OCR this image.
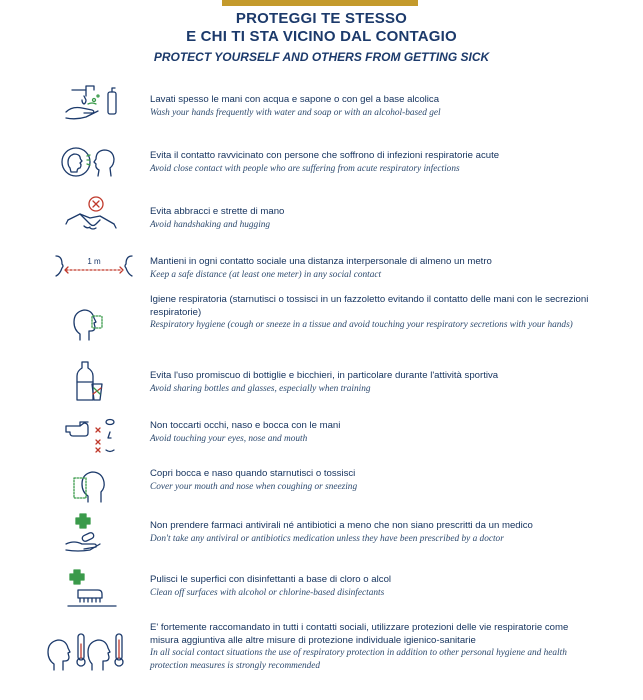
PROTEGGI TE STESSO
E CHI TI STA VICINO DAL CONTAGIO
PROTECT YOURSELF AND OTHERS FROM GETTING SICK
Lavati spesso le mani con acqua e sapone o con gel a base alcolica
Wash your hands frequently with water and soap or with an alcohol-based gel
Evita il contatto ravvicinato con persone che soffrono di infezioni respiratorie acute
Avoid close contact with people who are suffering from acute respiratory infections
Evita abbracci e strette di mano
Avoid handshaking and hugging
1 m	Mantieni in ogni contatto sociale una distanza interpersonale di almeno un metro
Keep a safe distance (at least one meter) in any social contact
Igiene respiratoria (starnutisci o tossisci in un fazzoletto evitando il contatto delle mani con le secrezioni respiratorie)
Respiratory hygiene (cough or sneeze in a tissue and avoid touching your respiratory secretions with your hands)
Evita l'uso promiscuo di bottiglie e bicchieri, in particolare durante l'attività sportiva
Avoid sharing bottles and glasses, especially when training
Non toccarti occhi, naso e bocca con le mani
Avoid touching your eyes, nose and mouth
Copri bocca e naso quando starnutisci o tossisci
Cover your mouth and nose when coughing or sneezing
Non prendere farmaci antivirali né antibiotici a meno che non siano prescritti da un medico
Don't take any antiviral or antibiotics medication unless they have been prescribed by a doctor
Pulisci le superfici con disinfettanti a base di cloro o alcol
Clean off surfaces with alcohol or chlorine-based disinfectants
E' fortemente raccomandato in tutti i contatti sociali, utilizzare protezioni delle vie respiratorie come misura aggiuntiva alle altre misure di protezione individuale igienico-sanitarie
In all social contact situations the use of respiratory protection in addition to other personal hygiene and health protection measures is strongly recommended
